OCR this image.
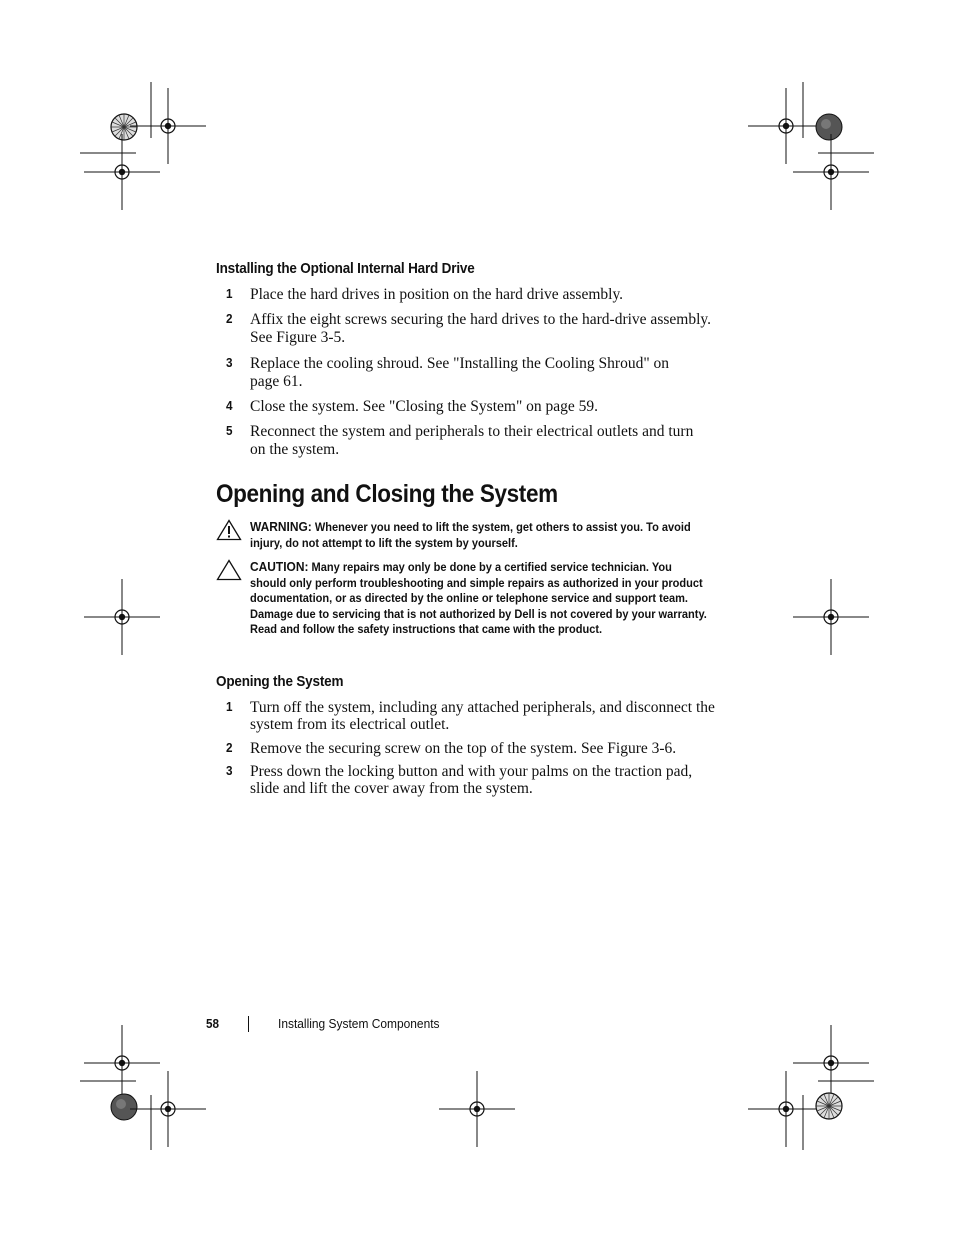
Installing the Optional Internal Hard Drive
1 Place the hard drives in position on the hard drive assembly.
2 Affix the eight screws securing the hard drives to the hard-drive assembly. See Figure 3-5.
3 Replace the cooling shroud. See "Installing the Cooling Shroud" on page 61.
4 Close the system. See "Closing the System" on page 59.
5 Reconnect the system and peripherals to their electrical outlets and turn on the system.
Opening and Closing the System
WARNING: Whenever you need to lift the system, get others to assist you. To avoid injury, do not attempt to lift the system by yourself.
CAUTION: Many repairs may only be done by a certified service technician. You should only perform troubleshooting and simple repairs as authorized in your product documentation, or as directed by the online or telephone service and support team. Damage due to servicing that is not authorized by Dell is not covered by your warranty. Read and follow the safety instructions that came with the product.
Opening the System
1 Turn off the system, including any attached peripherals, and disconnect the system from its electrical outlet.
2 Remove the securing screw on the top of the system. See Figure 3-6.
3 Press down the locking button and with your palms on the traction pad, slide and lift the cover away from the system.
58	Installing System Components
